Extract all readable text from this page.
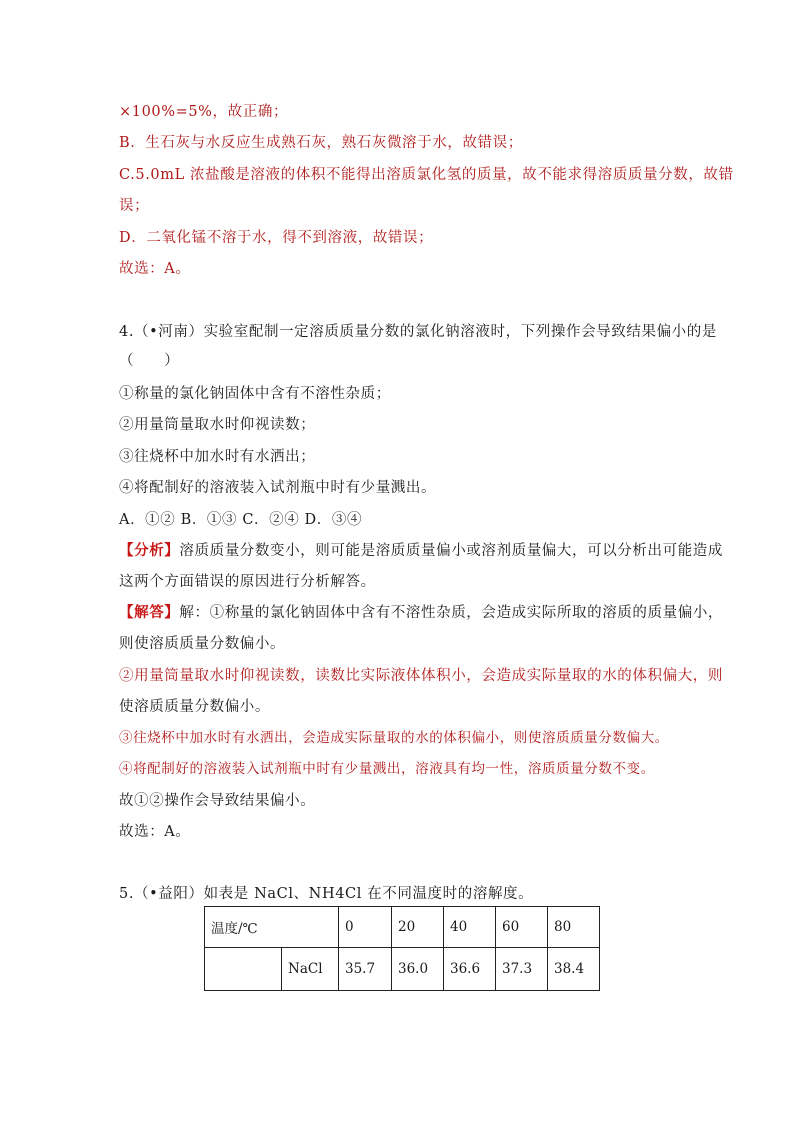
×100%=5%，故正确；
B．生石灰与水反应生成熟石灰，熟石灰微溶于水，故错误；
C.5.0mL 浓盐酸是溶液的体积不能得出溶质氯化氢的质量，故不能求得溶质质量分数，故错
误；
D．二氧化锰不溶于水，得不到溶液，故错误；
故选：A。
4.（•河南）实验室配制一定溶质质量分数的氯化钠溶液时，下列操作会导致结果偏小的是
（　　）
①称量的氯化钠固体中含有不溶性杂质；
②用量筒量取水时仰视读数；
③往烧杯中加水时有水洒出；
④将配制好的溶液装入试剂瓶中时有少量溅出。
A．①② B．①③ C．②④ D．③④
【分析】溶质质量分数变小，则可能是溶质质量偏小或溶剂质量偏大，可以分析出可能造成
这两个方面错误的原因进行分析解答。
【解答】解：①称量的氯化钠固体中含有不溶性杂质，会造成实际所取的溶质的质量偏小，
则使溶质质量分数偏小。
②用量筒量取水时仰视读数，读数比实际液体体积小，会造成实际量取的水的体积偏大，则
使溶质质量分数偏小。
③往烧杯中加水时有水洒出，会造成实际量取的水的体积偏小，则使溶质质量分数偏大。
④将配制好的溶液装入试剂瓶中时有少量溅出，溶液具有均一性，溶质质量分数不变。
故①②操作会导致结果偏小。
故选：A。
5.（•益阳）如表是 NaCl、NH4Cl 在不同温度时的溶解度。
温度/℃		0	20	40	60	80
	NaCl	35.7	36.0	36.6	37.3	38.4
